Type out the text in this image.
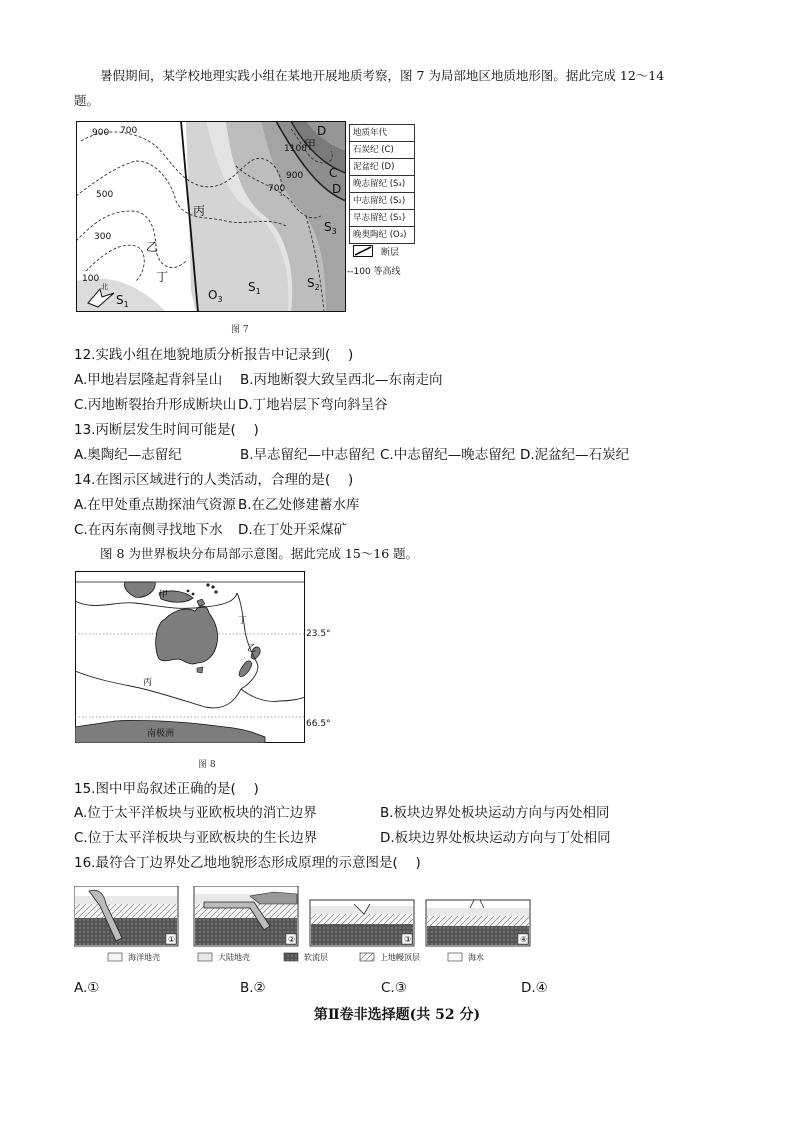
暑假期间，某学校地理实践小组在某地开展地质考察，图 7 为局部地区地质地形图。据此完成 12～14
题。
北
900 700
500
300
100
1100
900
700
D
C
D
$S_3$
$S_1$
$S_1$
$S_2$
$O_3$
甲
乙
丙
丁
地质年代
石炭纪 (C)
泥盆纪 (D)
晚志留纪 (S₃)
中志留纪 (S₂)
早志留纪 (S₁)
晚奥陶纪 (O₃)
断层
--100 等高线
图 7
12.实践小组在地貌地质分析报告中记录到(　 )
A.甲地岩层隆起背斜呈山 B.丙地断裂大致呈西北—东南走向
C.丙地断裂抬升形成断块山 D.丁地岩层下弯向斜呈谷
13.丙断层发生时间可能是(　 )
A.奥陶纪—志留纪	B.早志留纪—中志留纪 C.中志留纪—晚志留纪 D.泥盆纪—石炭纪
14.在图示区域进行的人类活动，合理的是(　 )
A.在甲处重点勘探油气资源 B.在乙处修建蓄水库
C.在丙东南侧寻找地下水 D.在丁处开采煤矿
图 8 为世界板块分布局部示意图。据此完成 15～16 题。
甲
丁
乙
丙
南极洲
23.5°
66.5°
图 8
15.图中甲岛叙述正确的是(　 )
A.位于太平洋板块与亚欧板块的消亡边界	B.板块边界处板块运动方向与丙处相同
C.位于太平洋板块与亚欧板块的生长边界	D.板块边界处板块运动方向与丁处相同
16.最符合丁边界处乙地地貌形态形成原理的示意图是(　 )
①	②	③	④
海洋地壳	大陆地壳	软流层	上地幔顶层	海水
A.①	B.②	C.③	D.④
第Ⅱ卷非选择题(共 52 分)
